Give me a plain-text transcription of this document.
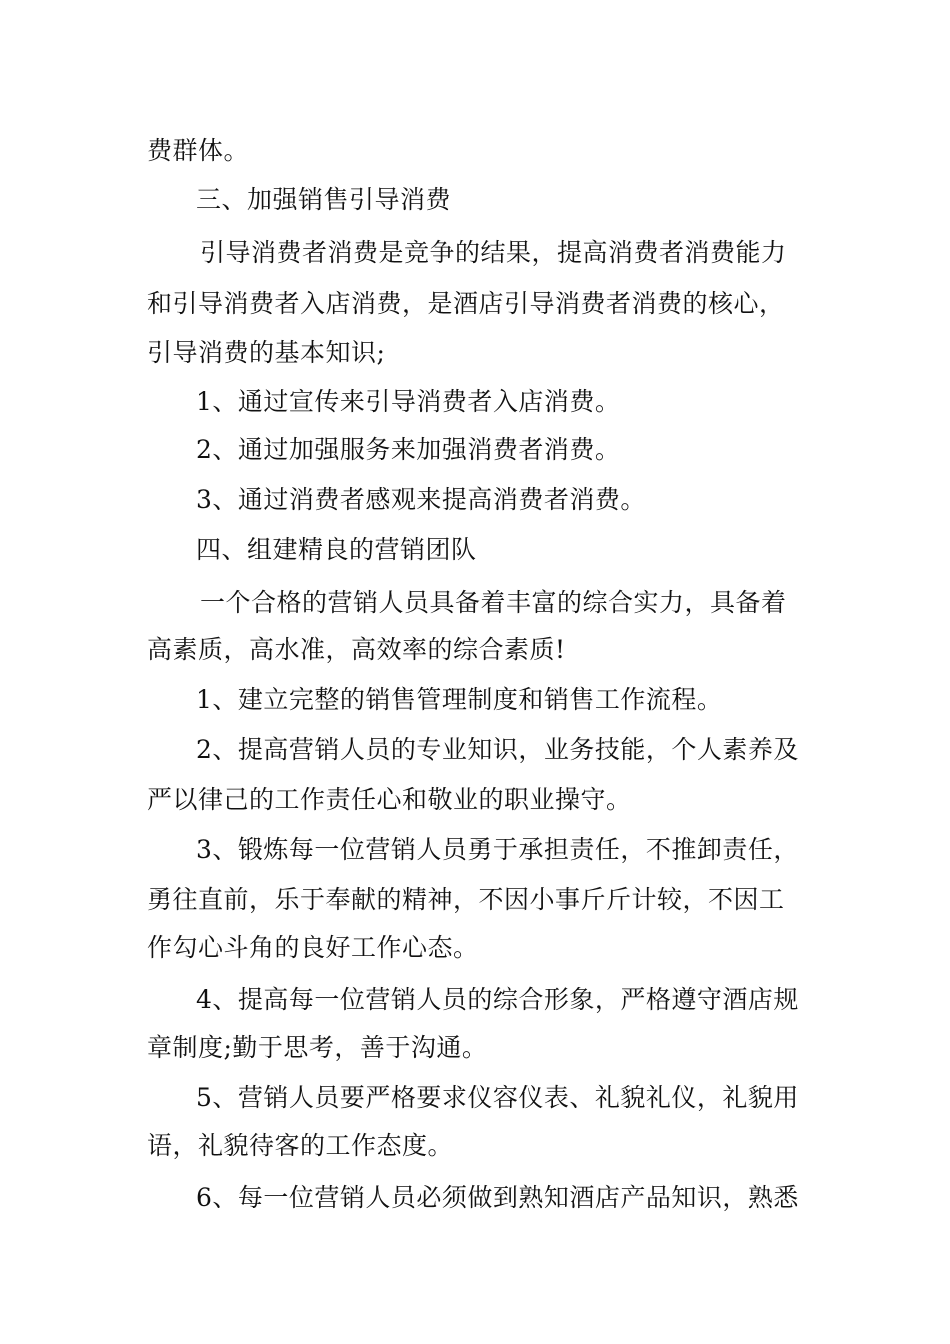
费群体。
三、加强销售引导消费
引导消费者消费是竞争的结果，提高消费者消费能力
和引导消费者入店消费，是酒店引导消费者消费的核心，
引导消费的基本知识;
1、通过宣传来引导消费者入店消费。
2、通过加强服务来加强消费者消费。
3、通过消费者感观来提高消费者消费。
四、组建精良的营销团队
一个合格的营销人员具备着丰富的综合实力，具备着
高素质，高水准，高效率的综合素质!
1、建立完整的销售管理制度和销售工作流程。
2、提高营销人员的专业知识，业务技能，个人素养及
严以律己的工作责任心和敬业的职业操守。
3、锻炼每一位营销人员勇于承担责任，不推卸责任，
勇往直前，乐于奉献的精神，不因小事斤斤计较，不因工
作勾心斗角的良好工作心态。
4、提高每一位营销人员的综合形象，严格遵守酒店规
章制度;勤于思考，善于沟通。
5、营销人员要严格要求仪容仪表、礼貌礼仪，礼貌用
语，礼貌待客的工作态度。
6、每一位营销人员必须做到熟知酒店产品知识，熟悉
